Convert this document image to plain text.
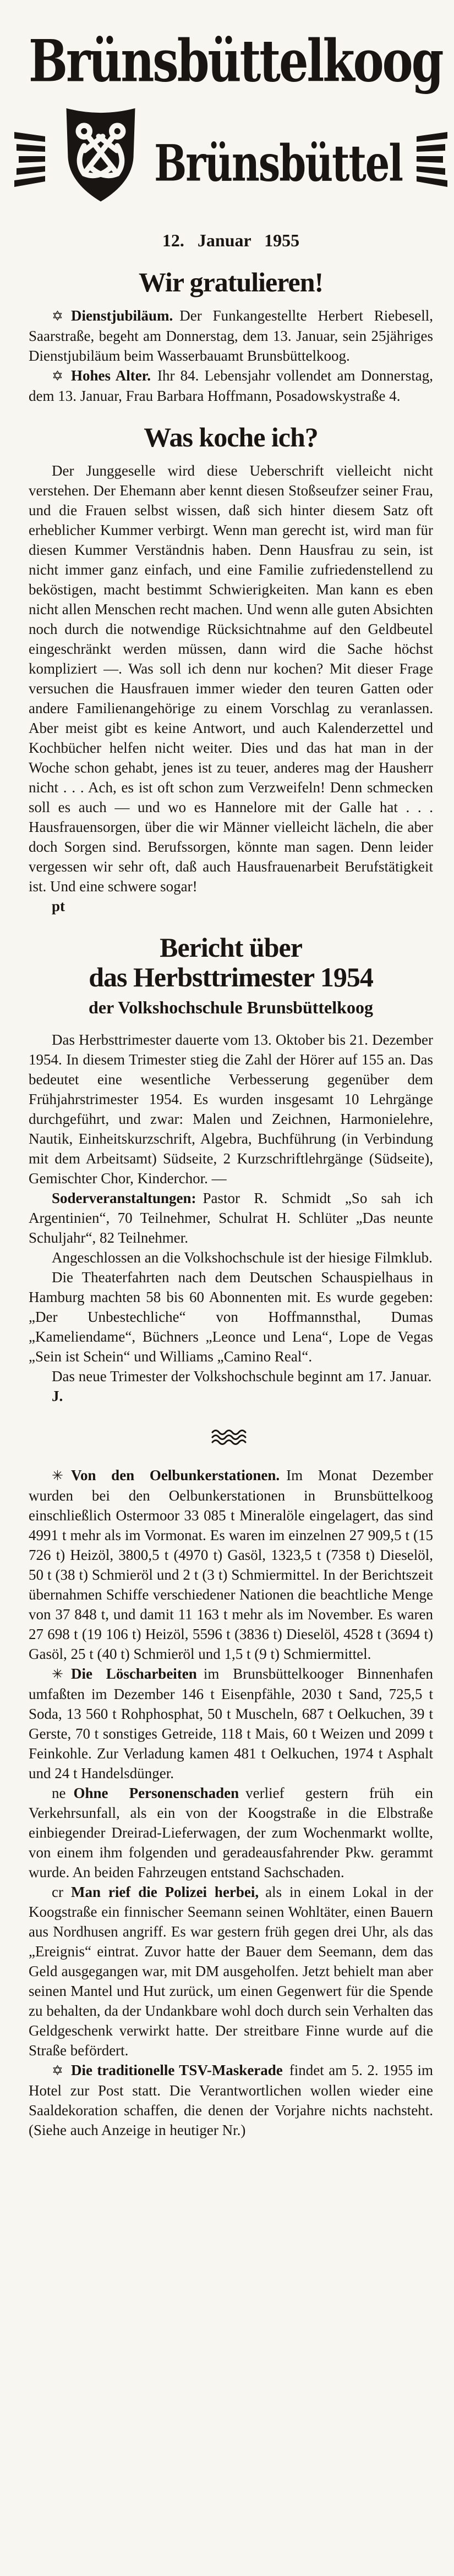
Brünsbüttelkoog
Brünsbüttel
12. Januar 1955
Wir gratulieren!

✡ Dienstjubiläum. Der Funkangestellte Herbert Riebesell, Saarstraße, begeht am Donnerstag, dem 13. Januar, sein 25jähriges Dienstjubiläum beim Wasserbauamt Brunsbüttelkoog.

✡ Hohes Alter. Ihr 84. Lebensjahr vollendet am Donnerstag, dem 13. Januar, Frau Barbara Hoffmann, Posadowskystraße 4.

Was koche ich?

Der Junggeselle wird diese Ueberschrift vielleicht nicht verstehen. Der Ehemann aber kennt diesen Stoßseufzer seiner Frau, und die Frauen selbst wissen, daß sich hinter diesem Satz oft erheblicher Kummer verbirgt. Wenn man gerecht ist, wird man für diesen Kummer Verständnis haben. Denn Hausfrau zu sein, ist nicht immer ganz einfach, und eine Familie zufriedenstellend zu beköstigen, macht bestimmt Schwierigkeiten. Man kann es eben nicht allen Menschen recht machen. Und wenn alle guten Absichten noch durch die notwendige Rücksichtnahme auf den Geldbeutel eingeschränkt werden müssen, dann wird die Sache höchst kompliziert —. Was soll ich denn nur kochen? Mit dieser Frage versuchen die Hausfrauen immer wieder den teuren Gatten oder andere Familienangehörige zu einem Vorschlag zu veranlassen. Aber meist gibt es keine Antwort, und auch Kalenderzettel und Kochbücher helfen nicht weiter. Dies und das hat man in der Woche schon gehabt, jenes ist zu teuer, anderes mag der Hausherr nicht . . . Ach, es ist oft schon zum Verzweifeln! Denn schmecken soll es auch — und wo es Hannelore mit der Galle hat . . . Hausfrauensorgen, über die wir Männer vielleicht lächeln, die aber doch Sorgen sind. Berufssorgen, könnte man sagen. Denn leider vergessen wir sehr oft, daß auch Hausfrauenarbeit Berufstätigkeit ist. Und eine schwere sogar!

pt

Bericht über
das Herbsttrimester 1954
der Volkshochschule Brunsbüttelkoog

Das Herbsttrimester dauerte vom 13. Oktober bis 21. Dezember 1954. In diesem Trimester stieg die Zahl der Hörer auf 155 an. Das bedeutet eine wesentliche Verbesserung gegenüber dem Frühjahrstrimester 1954. Es wurden insgesamt 10 Lehrgänge durchgeführt, und zwar: Malen und Zeichnen, Harmonielehre, Nautik, Einheitskurzschrift, Algebra, Buchführung (in Verbindung mit dem Arbeitsamt) Südseite, 2 Kurzschriftlehrgänge (Südseite), Gemischter Chor, Kinderchor. —

Soderveranstaltungen: Pastor R. Schmidt „So sah ich Argentinien“, 70 Teilnehmer, Schulrat H. Schlüter „Das neunte Schuljahr“, 82 Teilnehmer.

Angeschlossen an die Volkshochschule ist der hiesige Filmklub.

Die Theaterfahrten nach dem Deutschen Schauspielhaus in Hamburg machten 58 bis 60 Abonnenten mit. Es wurde gegeben: „Der Unbestechliche“ von Hoffmannsthal, Dumas „Kameliendame“, Büchners „Leonce und Lena“, Lope de Vegas „Sein ist Schein“ und Williams „Camino Real“.

Das neue Trimester der Volkshochschule beginnt am 17. Januar.

J.

✳ Von den Oelbunkerstationen. Im Monat Dezember wurden bei den Oelbunkerstationen in Brunsbüttelkoog einschließlich Ostermoor 33 085 t Mineralöle eingelagert, das sind 4991 t mehr als im Vormonat. Es waren im einzelnen 27 909,5 t (15 726 t) Heizöl, 3800,5 t (4970 t) Gasöl, 1323,5 t (7358 t) Dieselöl, 50 t (38 t) Schmieröl und 2 t (3 t) Schmiermittel. In der Berichtszeit übernahmen Schiffe verschiedener Nationen die beachtliche Menge von 37 848 t, und damit 11 163 t mehr als im November. Es waren 27 698 t (19 106 t) Heizöl, 5596 t (3836 t) Dieselöl, 4528 t (3694 t) Gasöl, 25 t (40 t) Schmieröl und 1,5 t (9 t) Schmiermittel.

✳ Die Löscharbeiten im Brunsbüttelkooger Binnenhafen umfaßten im Dezember 146 t Eisenpfähle, 2030 t Sand, 725,5 t Soda, 13 560 t Rohphosphat, 50 t Muscheln, 687 t Oelkuchen, 39 t Gerste, 70 t sonstiges Getreide, 118 t Mais, 60 t Weizen und 2099 t Feinkohle. Zur Verladung kamen 481 t Oelkuchen, 1974 t Asphalt und 24 t Handelsdünger.

ne Ohne Personenschaden verlief gestern früh ein Verkehrsunfall, als ein von der Koogstraße in die Elbstraße einbiegender Dreirad-Lieferwagen, der zum Wochenmarkt wollte, von einem ihm folgenden und geradeausfahrender Pkw. gerammt wurde. An beiden Fahrzeugen entstand Sachschaden.

cr Man rief die Polizei herbei, als in einem Lokal in der Koogstraße ein finnischer Seemann seinen Wohltäter, einen Bauern aus Nordhusen angriff. Es war gestern früh gegen drei Uhr, als das „Ereignis“ eintrat. Zuvor hatte der Bauer dem Seemann, dem das Geld ausgegangen war, mit DM ausgeholfen. Jetzt behielt man aber seinen Mantel und Hut zurück, um einen Gegenwert für die Spende zu behalten, da der Undankbare wohl doch durch sein Verhalten das Geldgeschenk verwirkt hatte. Der streitbare Finne wurde auf die Straße befördert.

✡ Die traditionelle TSV-Maskerade findet am 5. 2. 1955 im Hotel zur Post statt. Die Verantwortlichen wollen wieder eine Saaldekoration schaffen, die denen der Vorjahre nichts nachsteht. (Siehe auch Anzeige in heutiger Nr.)
